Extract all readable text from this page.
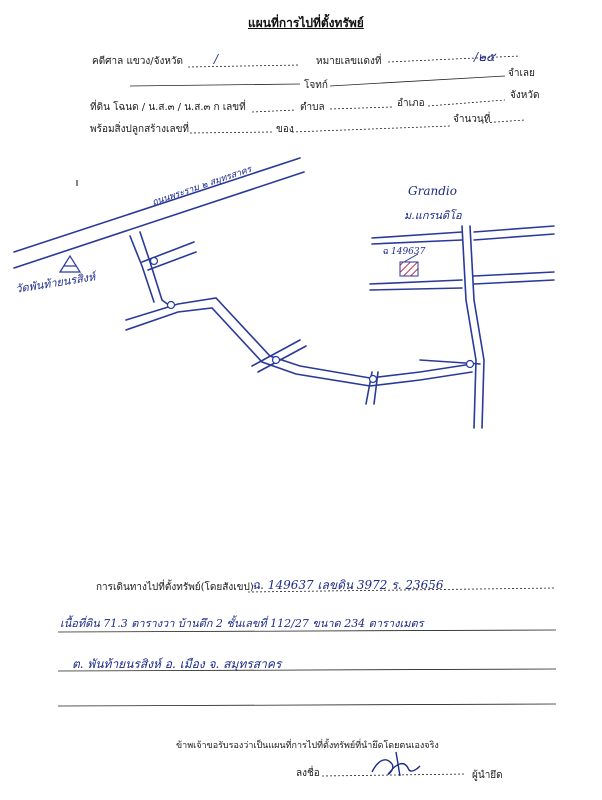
แผนที่การไปที่ตั้งทรัพย์
คดีศาล แขวง/จังหวัด	/	หมายเลขแดงที่	/๒๕
โจทก์
จำเลย
ที่ดิน โฉนด / น.ส.๓ / น.ส.๓ ก เลขที่	ตำบล	อำเภอ
จังหวัด
พร้อมสิ่งปลูกสร้างเลขที่	ของ
จำนวนที่
ถนนพระราม ๒ สมุทรสาคร
วัดพันท้ายนรสิงห์
Grandio
ม.แกรนดิโอ
ฉ 149637
การเดินทางไปที่ตั้งทรัพย์(โดยสังเขป)
ฉ. 149637 เลขดิน 3972 ร. 23656
เนื้อที่ดิน 71.3 ตารางวา บ้านตึก 2 ชั้นเลขที่ 112/27 ขนาด 234 ตารางเมตร
ต. พันท้ายนรสิงห์ อ. เมือง จ. สมุทรสาคร
ข้าพเจ้าขอรับรองว่าเป็นแผนที่การไปที่ตั้งทรัพย์ที่นำยึดโดยตนเองจริง
ลงชื่อ	ผู้นำยึด
